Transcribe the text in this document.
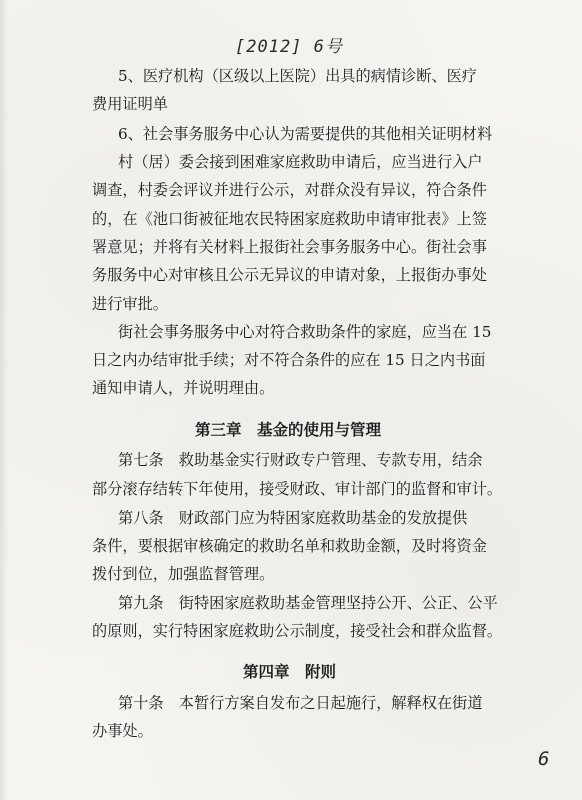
[2012] 6号
5、医疗机构（区级以上医院）出具的病情诊断、医疗
费用证明单
6、社会事务服务中心认为需要提供的其他相关证明材料
村（居）委会接到困难家庭救助申请后，应当进行入户
调查，村委会评议并进行公示，对群众没有异议，符合条件
的，在《池口街被征地农民特困家庭救助申请审批表》上签
署意见；并将有关材料上报街社会事务服务中心。街社会事
务服务中心对审核且公示无异议的申请对象，上报街办事处
进行审批。
街社会事务服务中心对符合救助条件的家庭，应当在 15
日之内办结审批手续；对不符合条件的应在 15 日之内书面
通知申请人，并说明理由。
第三章　基金的使用与管理
第七条　救助基金实行财政专户管理、专款专用，结余
部分滚存结转下年使用，接受财政、审计部门的监督和审计。
第八条　财政部门应为特困家庭救助基金的发放提供
条件，要根据审核确定的救助名单和救助金额，及时将资金
拨付到位，加强监督管理。
第九条　街特困家庭救助基金管理坚持公开、公正、公平
的原则，实行特困家庭救助公示制度，接受社会和群众监督。
第四章　附则
第十条　本暂行方案自发布之日起施行，解释权在街道
办事处。
6
